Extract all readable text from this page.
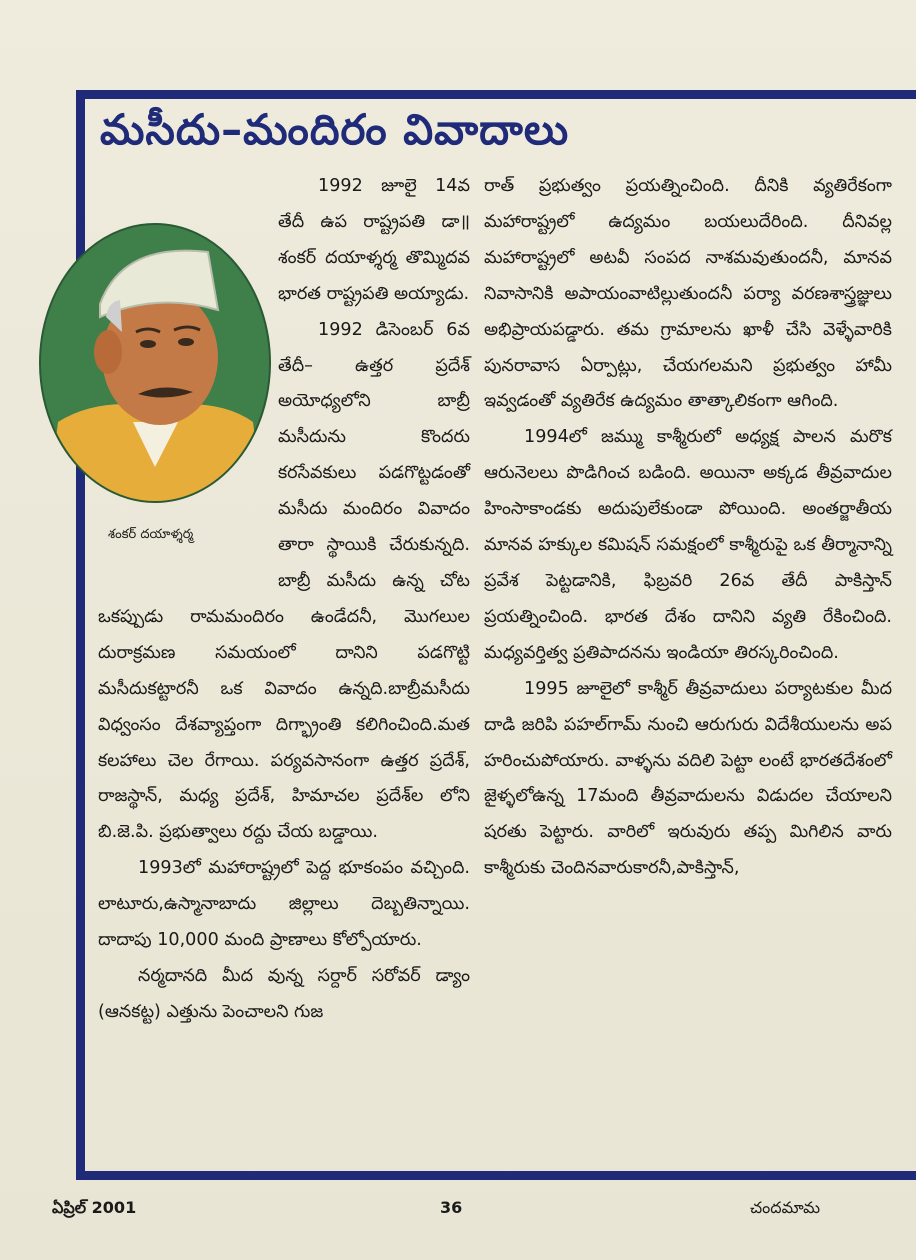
మసీదు–మందిరం వివాదాలు
శంకర్ దయాళ్శర్మ

1992 జూలై 14వ తేదీ ఉప రాష్ట్రపతి డా॥శంకర్ దయాళ్శర్మ తొమ్మిదవ భారత రాష్ట్రపతి అయ్యాడు.

1992 డిసెంబర్ 6వ తేదీ– ఉత్తర ప్రదేశ్ అయోధ్యలోని బాబ్రీ మసీదును కొందరు కరసేవకులు పడగొట్టడంతో మసీదు మందిరం వివాదం తారా స్థాయికి చేరుకున్నది. బాబ్రీ మసీదు ఉన్న చోట ఒకప్పుడు రామమందిరం ఉండేదనీ, మొగలుల దురాక్రమణ సమయంలో దానిని పడగొట్టి మసీదుకట్టారనీ ఒక వివాదం ఉన్నది.బాబ్రీమసీదు విధ్వంసం దేశవ్యాప్తంగా దిగ్భ్రాంతి కలిగించింది.మత కలహాలు చెల రేగాయి. పర్యవసానంగా ఉత్తర ప్రదేశ్, రాజస్థాన్, మధ్య ప్రదేశ్, హిమాచల ప్రదేశ్‌ల లోని బి.జె.పి. ప్రభుత్వాలు రద్దు చేయ బడ్డాయి.

1993లో మహారాష్ట్రలో పెద్ద భూకంపం వచ్చింది. లాటూరు,ఉస్మానాబాదు జిల్లాలు దెబ్బతిన్నాయి. దాదాపు 10,000 మంది ప్రాణాలు కోల్పోయారు.

నర్మదానది మీద వున్న సర్దార్ సరోవర్ డ్యాం (ఆనకట్ట) ఎత్తును పెంచాలని గుజ

రాత్ ప్రభుత్వం ప్రయత్నించింది. దీనికి వ్యతిరేకంగా మహారాష్ట్రలో ఉద్యమం బయలుదేరింది. దీనివల్ల మహారాష్ట్రలో అటవీ సంపద నాశమవుతుందనీ, మానవ నివాసానికి అపాయంవాటిల్లుతుందనీ పర్యా వరణశాస్త్రజ్ఞులు అభిప్రాయపడ్డారు. తమ గ్రామాలను ఖాళీ చేసి వెళ్ళేవారికి పునరావాస ఏర్పాట్లు, చేయగలమని ప్రభుత్వం హామీ ఇవ్వడంతో వ్యతిరేక ఉద్యమం తాత్కాలికంగా ఆగింది.

1994లో జమ్ము కాశ్మీరులో అధ్యక్ష పాలన మరొక ఆరునెలలు పొడిగించ బడింది. అయినా అక్కడ తీవ్రవాదుల హింసాకాండకు అదుపులేకుండా పోయింది. అంతర్జాతీయ మానవ హక్కుల కమిషన్ సమక్షంలో కాశ్మీరుపై ఒక తీర్మానాన్ని ప్రవేశ పెట్టడానికి, ఫిబ్రవరి 26వ తేదీ పాకిస్తాన్ ప్రయత్నించింది. భారత దేశం దానిని వ్యతి రేకించింది. మధ్యవర్తిత్వ ప్రతిపాదనను ఇండియా తిరస్కరించింది.

1995 జూలైలో కాశ్మీర్ తీవ్రవాదులు పర్యాటకుల మీద దాడి జరిపి పహల్‌గామ్ నుంచి ఆరుగురు విదేశీయులను అప హరించుపోయారు. వాళ్ళను వదిలి పెట్టా లంటే భారతదేశంలో జైళ్ళలోఉన్న 17మంది తీవ్రవాదులను విడుదల చేయాలని షరతు పెట్టారు. వారిలో ఇరువురు తప్ప మిగిలిన వారు కాశ్మీరుకు చెందినవారుకారనీ,పాకిస్తాన్,

ఏప్రిల్ 2001	36	చందమామ
